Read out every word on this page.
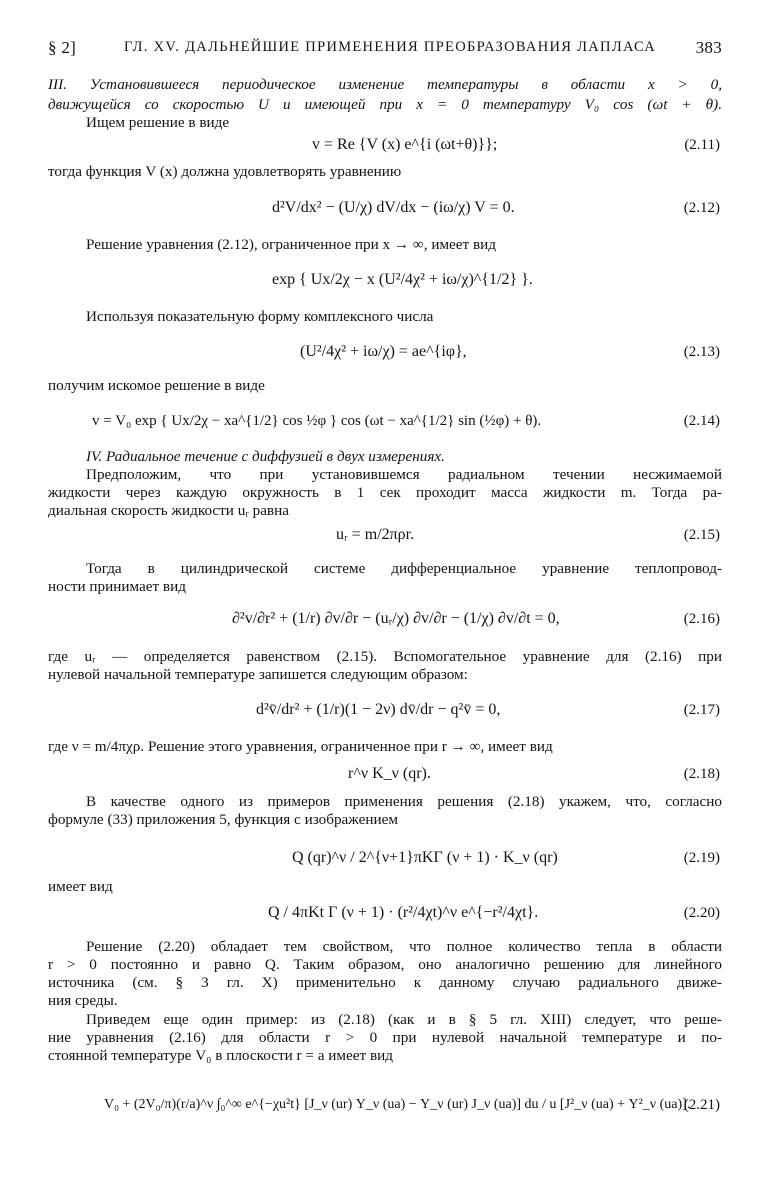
§ 2]	ГЛ. XV. ДАЛЬНЕЙШИЕ ПРИМЕНЕНИЯ ПРЕОБРАЗОВАНИЯ ЛАПЛАСА 383
III. Установившееся периодическое изменение температуры в области x > 0,
движущейся со скоростью U и имеющей при x = 0 температуру V₀ cos (ωt + θ).
Ищем решение в виде
v = Re {V (x) e^{i (ωt+θ)}};	(2.11)
тогда функция V (x) должна удовлетворять уравнению
d²V/dx² − (U/χ) dV/dx − (iω/χ) V = 0.	(2.12)
Решение уравнения (2.12), ограниченное при x → ∞, имеет вид
exp { Ux/2χ − x (U²/4χ² + iω/χ)^{1/2} }.
Используя показательную форму комплексного числа
(U²/4χ² + iω/χ) = ae^{iφ},	(2.13)
получим искомое решение в виде
v = V₀ exp { Ux/2χ − xa^{1/2} cos ½φ } cos (ωt − xa^{1/2} sin (½φ) + θ).	(2.14)
IV. Радиальное течение с диффузией в двух измерениях.
Предположим, что при установившемся радиальном течении несжимаемой
жидкости через каждую окружность в 1 сек проходит масса жидкости m. Тогда ра-
диальная скорость жидкости uᵣ равна
uᵣ = m/2πρr.	(2.15)
Тогда в цилиндрической системе дифференциальное уравнение теплопровод-
ности принимает вид
∂²v/∂r² + (1/r) ∂v/∂r − (uᵣ/χ) ∂v/∂r − (1/χ) ∂v/∂t = 0,	(2.16)
где uᵣ — определяется равенством (2.15). Вспомогательное уравнение для (2.16) при
нулевой начальной температуре запишется следующим образом:
d²v̄/dr² + (1/r)(1 − 2ν) dv̄/dr − q²v̄ = 0,	(2.17)
где ν = m/4πχρ. Решение этого уравнения, ограниченное при r → ∞, имеет вид
r^ν K_ν (qr).	(2.18)
В качестве одного из примеров применения решения (2.18) укажем, что, согласно
формуле (33) приложения 5, функция с изображением
Q (qr)^ν / 2^{ν+1}πKΓ (ν + 1) · K_ν (qr)	(2.19)
имеет вид
Q / 4πKt Γ (ν + 1) · (r²/4χt)^ν e^{−r²/4χt}.	(2.20)
Решение (2.20) обладает тем свойством, что полное количество тепла в области
r > 0 постоянно и равно Q. Таким образом, оно аналогично решению для линейного
источника (см. § 3 гл. X) применительно к данному случаю радиального движе-
ния среды.
Приведем еще один пример: из (2.18) (как и в § 5 гл. XIII) следует, что реше-
ние уравнения (2.16) для области r > 0 при нулевой начальной температуре и по-
стоянной температуре V₀ в плоскости r = a имеет вид
V₀ + (2V₀/π)(r/a)^ν ∫₀^∞ e^{−χu²t} [J_ν (ur) Y_ν (ua) − Y_ν (ur) J_ν (ua)] du / u [J²_ν (ua) + Y²_ν (ua)].
(2.21)
